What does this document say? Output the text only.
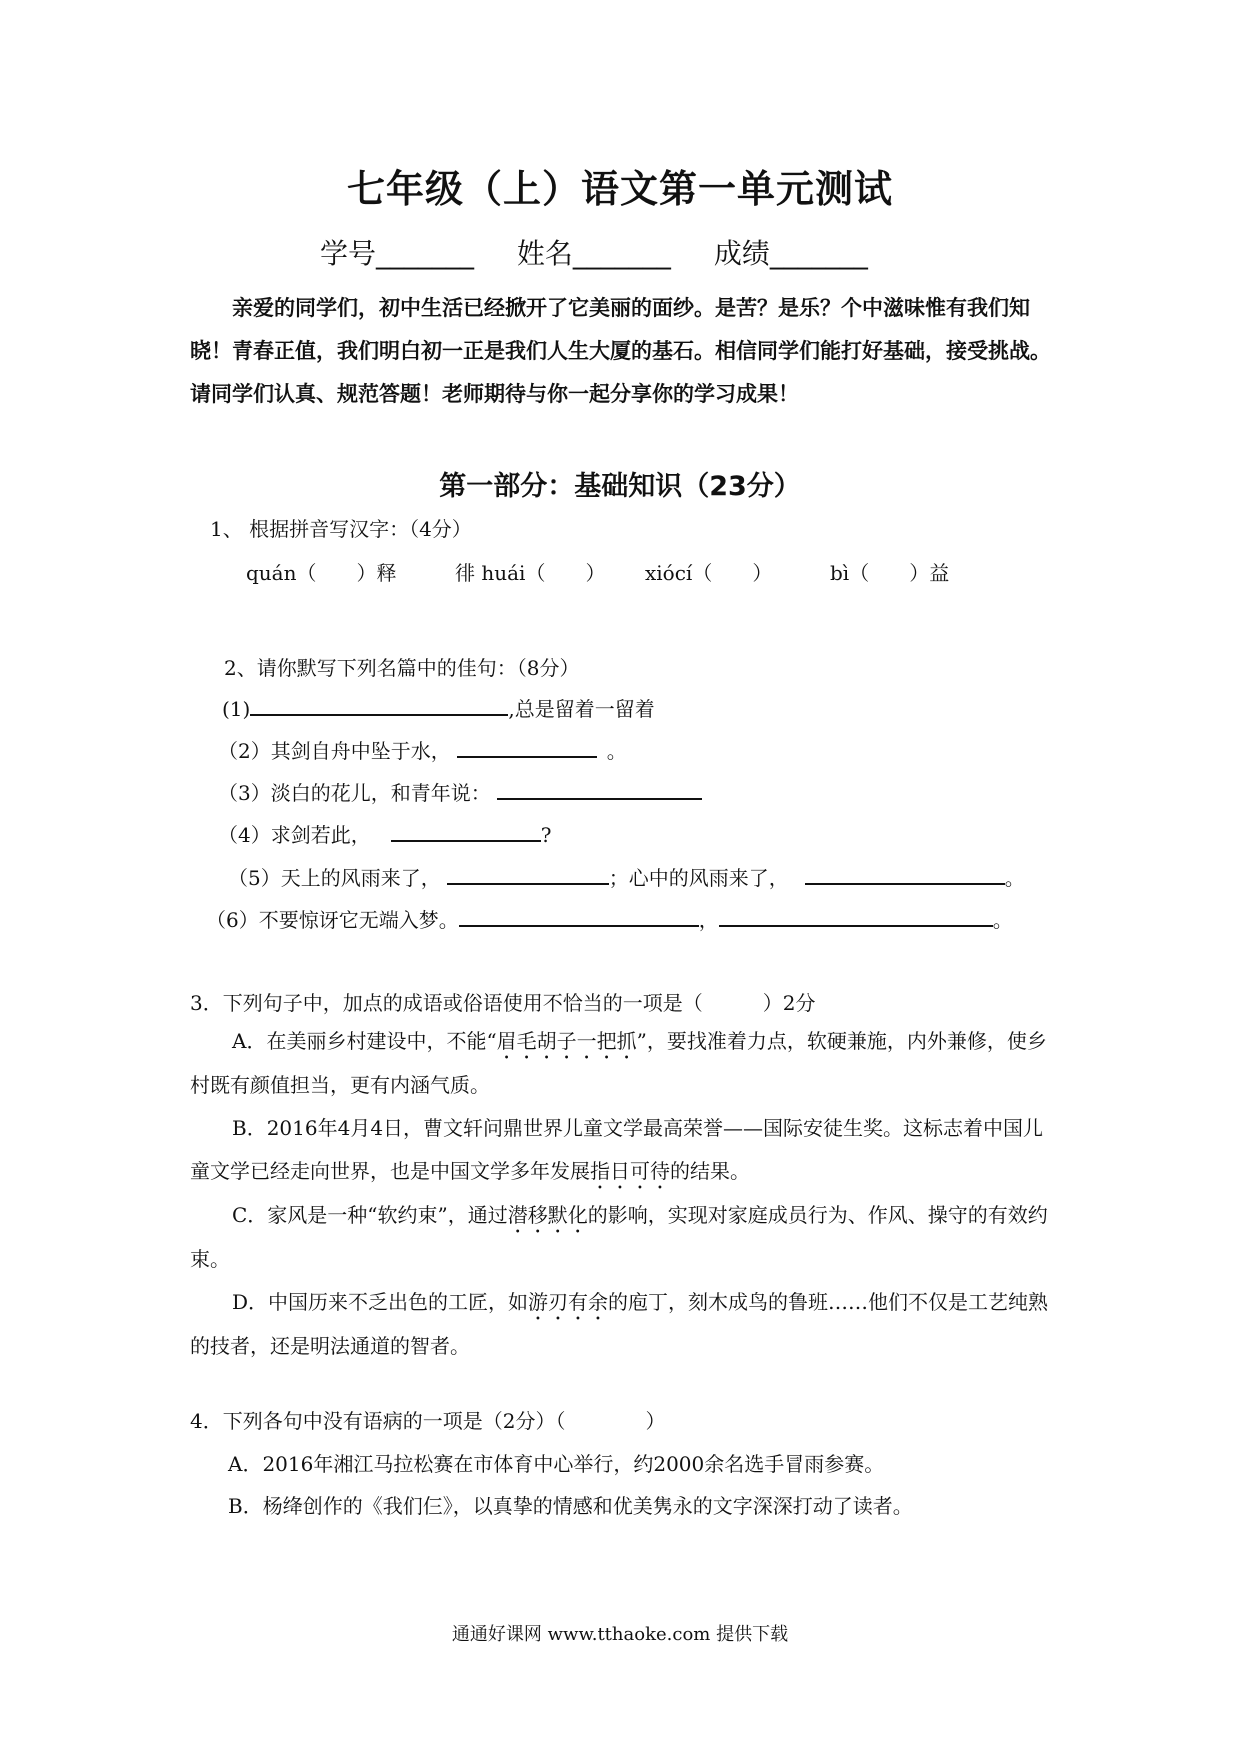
七年级（上）语文第一单元测试
学号_______ 姓名_______ 成绩_______

亲爱的同学们，初中生活已经掀开了它美丽的面纱。是苦？是乐？个中滋味惟有我们知晓！青春正值，我们明白初一正是我们人生大厦的基石。相信同学们能打好基础，接受挑战。请同学们认真、规范答题！老师期待与你一起分享你的学习成果！

第一部分：基础知识（23分）
1、 根据拼音写汉字：（4分）
quán（　　）释	徘 huái（　　） xiócí（　　）	bì（　　）益
2、请你默写下列名篇中的佳句：（8分）
(1)	,总是留着一留着
（2）其剑自舟中坠于水，	。
（3）淡白的花儿，和青年说：
（4）求剑若此，	?
（5）天上的风雨来了，	；心中的风雨来了，	。
（6）不要惊讶它无端入梦。	，	。
3．下列句子中，加点的成语或俗语使用不恰当的一项是（　　　）2分

A．在美丽乡村建设中，不能“眉毛胡子一把抓”，要找准着力点，软硬兼施，内外兼修，使乡村既有颜值担当，更有内涵气质。

B．2016年4月4日，曹文轩问鼎世界儿童文学最高荣誉——国际安徒生奖。这标志着中国儿童文学已经走向世界，也是中国文学多年发展指日可待的结果。

C．家风是一种“软约束”，通过潜移默化的影响，实现对家庭成员行为、作风、操守的有效约束。

D．中国历来不乏出色的工匠，如游刃有余的庖丁，刻木成鸟的鲁班……他们不仅是工艺纯熟的技者，还是明法通道的智者。

4．下列各句中没有语病的一项是（2分）（　　　　）
A．2016年湘江马拉松赛在市体育中心举行，约2000余名选手冒雨参赛。
B．杨绛创作的《我们仨》，以真挚的情感和优美隽永的文字深深打动了读者。
通通好课网 www.tthaoke.com 提供下载
